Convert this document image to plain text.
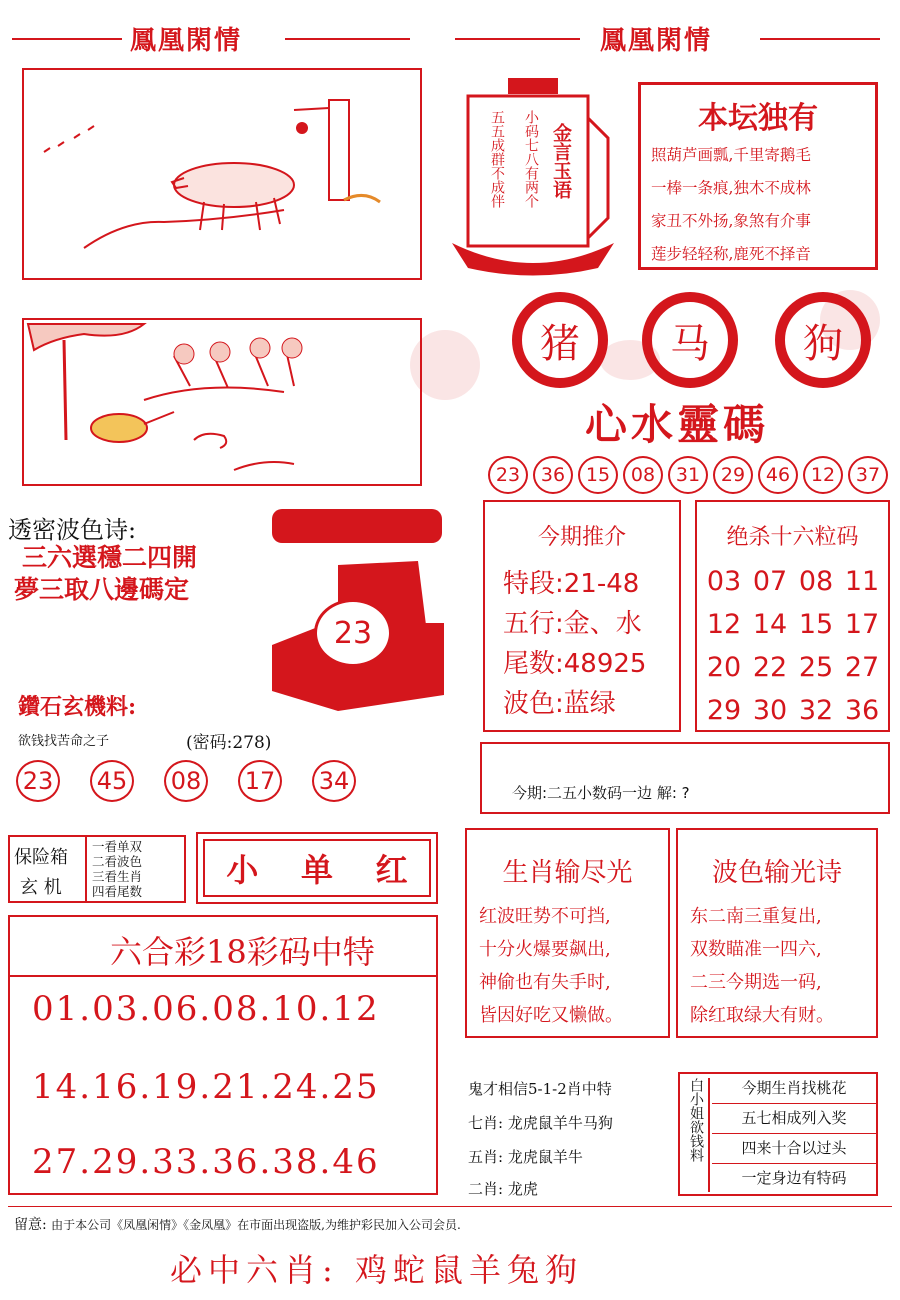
鳳凰閑情	鳳凰閑情
金言玉语
小码七八有两个
五五成群不成伴	本坛独有
照葫芦画瓢,千里寄鹅毛
一棒一条痕,独木不成林
家丑不外扬,象煞有介事
莲步轻轻称,鹿死不择音
猪	马	狗
心水靈碼
23	36	15	08	31	29	46	12	37
透密波色诗:
三六選穩二四開
夢三取八邊碼定
23
鑽石玄機料:
欲钱找苦命之子	(密码:278)
23 45 08 17 34
今期推介
特段:21-48
五行:金、水
尾数:48925
波色:蓝绿
绝杀十六粒码
03 07 08 11
12 14 15 17
20 22 25 27
29 30 32 36
今期:二五小数码一边 解: ?
保险箱
玄 机
一看单双
二看波色
三看生肖
四看尾数
小 单 红
六合彩18彩码中特
01.03.06.08.10.12
14.16.19.21.24.25
27.29.33.36.38.46
生肖输尽光
红波旺势不可挡,
十分火爆要飙出,
神偷也有失手时,
皆因好吃又懒做。
波色输光诗
东二南三重复出,
双数瞄准一四六,
二三今期选一码,
除红取绿大有财。
鬼才相信5-1-2肖中特
七肖: 龙虎鼠羊牛马狗
五肖: 龙虎鼠羊牛
二肖: 龙虎
白小姐欲钱料	今期生肖找桃花
五七相成列入奖
四来十合以过头
一定身边有特码
留意: 由于本公司《凤凰闲情》《金凤凰》在市面出现盗版,为维护彩民加入公司会员.
必中六肖: 鸡蛇鼠羊兔狗
